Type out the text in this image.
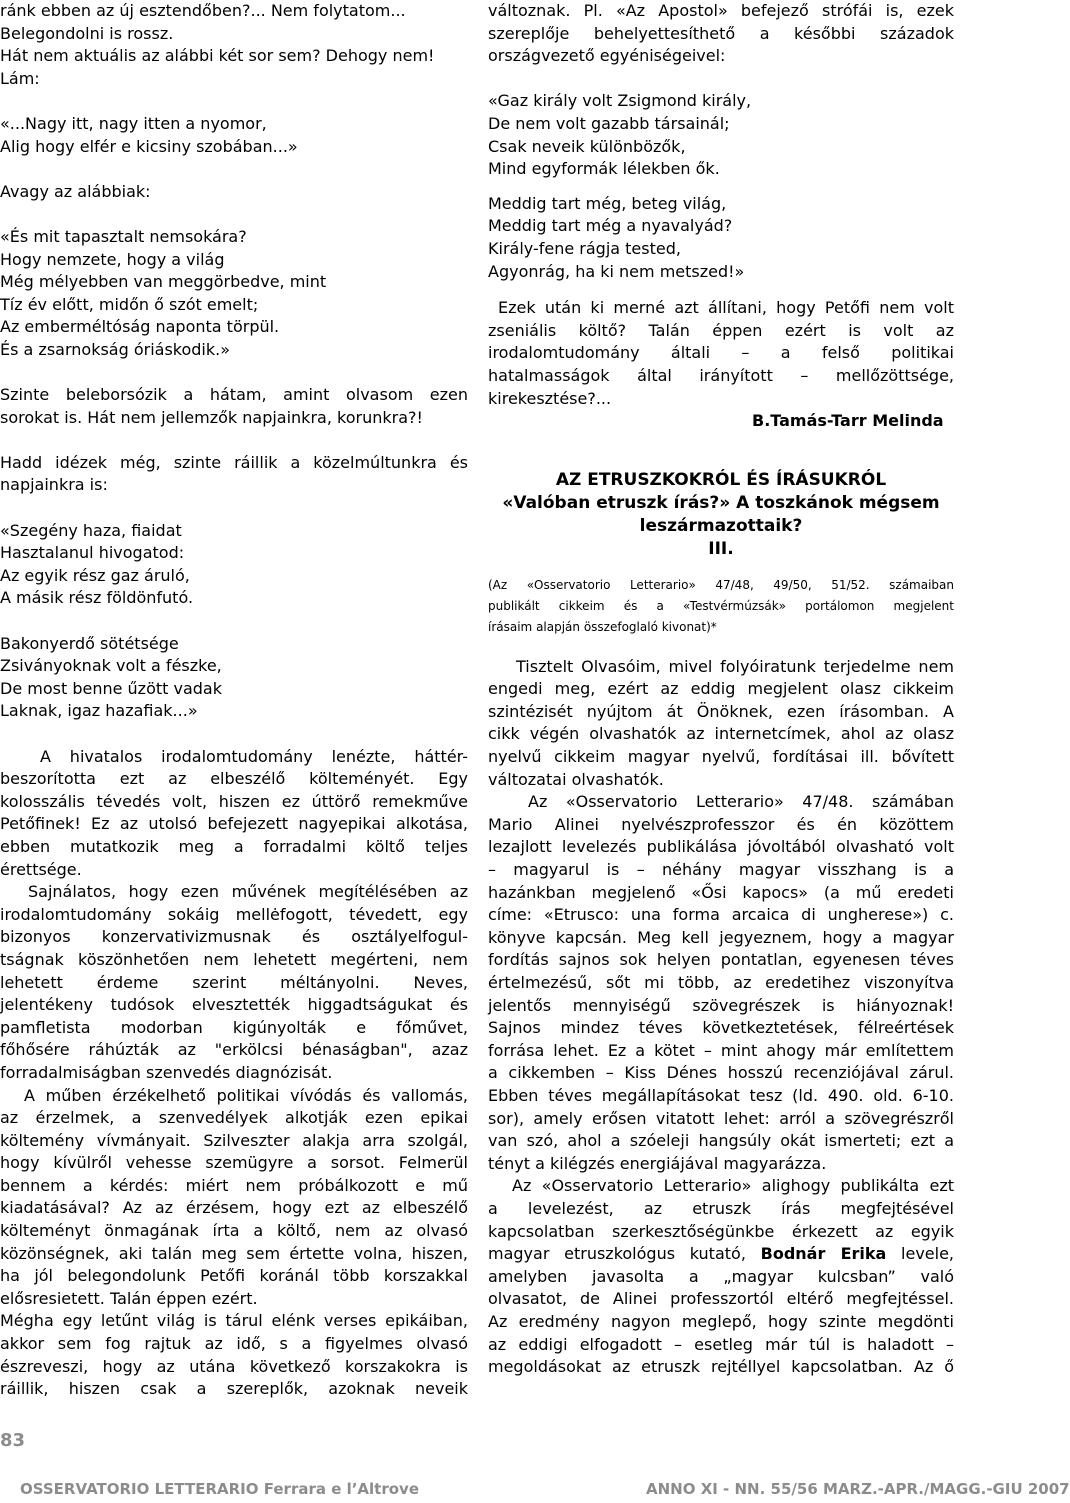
ránk ebben az új esztendőben?... Nem folytatom...
Belegondolni is rossz.
Hát nem aktuális az alábbi két sor sem? Dehogy nem!
Lám:
«...Nagy itt, nagy itten a nyomor,
Alig hogy elfér e kicsiny szobában...»
Avagy az alábbiak:
«És mit tapasztalt nemsokára?
Hogy nemzete, hogy a világ
Még mélyebben van meggörbedve, mint
Tíz év előtt, midőn ő szót emelt;
Az emberméltóság naponta törpül.
És a zsarnokság óriáskodik.»
Szinte beleborsózik a hátam, amint olvasom ezen
sorokat is. Hát nem jellemzők napjainkra, korunkra?!
Hadd idézek még, szinte ráillik a közelmúltunkra és
napjainkra is:
«Szegény haza, fiaidat
Hasztalanul hivogatod:
Az egyik rész gaz áruló,
A másik rész földönfutó.
Bakonyerdő sötétsége
Zsiványoknak volt a fészke,
De most benne űzött vadak
Laknak, igaz hazafiak...»
A hivatalos irodalomtudomány lenézte, háttér-
beszorította ezt az elbeszélő költeményét. Egy
kolosszális tévedés volt, hiszen ez úttörő remekműve
Petőfinek! Ez az utolsó befejezett nagyepikai alkotása,
ebben mutatkozik meg a forradalmi költő teljes
érettsége.
Sajnálatos, hogy ezen művének megítélésében az
irodalomtudomány sokáig mellėfogott, tévedett, egy
bizonyos konzervativizmusnak és osztályelfogul-
tságnak köszönhetően nem lehetett megérteni, nem
lehetett érdeme szerint méltányolni. Neves,
jelentékeny tudósok elvesztették higgadtságukat és
pamfletista modorban kigúnyolták e főművet,
főhősére ráhúzták az "erkölcsi bénaságban", azaz
forradalmiságban szenvedés diagnózisát.
A műben érzékelhető politikai vívódás és vallomás,
az érzelmek, a szenvedélyek alkotják ezen epikai
költemény vívmányait. Szilveszter alakja arra szolgál,
hogy kívülről vehesse szemügyre a sorsot. Felmerül
bennem a kérdés: miért nem próbálkozott e mű
kiadatásával? Az az érzésem, hogy ezt az elbeszélő
költeményt önmagának írta a költő, nem az olvasó
közönségnek, aki talán meg sem értette volna, hiszen,
ha jól belegondolunk Petőfi koránál több korszakkal
elősresietett. Talán éppen ezért.
Mégha egy letűnt világ is tárul elénk verses epikáiban,
akkor sem fog rajtuk az idő, s a figyelmes olvasó
észreveszi, hogy az utána következő korszakokra is
ráillik, hiszen csak a szereplők, azoknak neveik
változnak. Pl. «Az Apostol» befejező strófái is, ezek
szereplője behelyettesíthető a későbbi századok
országvezető egyéniségeivel:
«Gaz király volt Zsigmond király,
De nem volt gazabb társainál;
Csak neveik különbözők,
Mind egyformák lélekben ők.
Meddig tart még, beteg világ,
Meddig tart még a nyavalyád?
Király-fene rágja tested,
Agyonrág, ha ki nem metszed!»
Ezek után ki merné azt állítani, hogy Petőfi nem volt
zseniális költő? Talán éppen ezért is volt az
irodalomtudomány általi – a felső politikai
hatalmasságok által irányított – mellőzöttsége,
kirekesztése?...
B.Tamás-Tarr Melinda
AZ ETRUSZKOKRÓL ÉS ÍRÁSUKRÓL
«Valóban etruszk írás?» A toszkánok mégsem
leszármazottaik?
III.
(Az «Osservatorio Letterario» 47/48, 49/50, 51/52. számaiban
publikált cikkeim és a «Testvérmúzsák» portálomon megjelent
írásaim alapján összefoglaló kivonat)*
Tisztelt Olvasóim, mivel folyóiratunk terjedelme nem
engedi meg, ezért az eddig megjelent olasz cikkeim
szintézisét nyújtom át Önöknek, ezen írásomban. A
cikk végén olvashatók az internetcímek, ahol az olasz
nyelvű cikkeim magyar nyelvű, fordításai ill. bővített
változatai olvashatók.
Az «Osservatorio Letterario» 47/48. számában
Mario Alinei nyelvészprofesszor és én közöttem
lezajlott levelezés publikálása jóvoltából olvasható volt
– magyarul is – néhány magyar visszhang is a
hazánkban megjelenő «Ősi kapocs» (a mű eredeti
címe: «Etrusco: una forma arcaica di ungherese») c.
könyve kapcsán. Meg kell jegyeznem, hogy a magyar
fordítás sajnos sok helyen pontatlan, egyenesen téves
értelmezésű, sőt mi több, az eredetihez viszonyítva
jelentős mennyiségű szövegrészek is hiányoznak!
Sajnos mindez téves következtetések, félreértések
forrása lehet. Ez a kötet – mint ahogy már említettem
a cikkemben – Kiss Dénes hosszú recenziójával zárul.
Ebben téves megállapításokat tesz (ld. 490. old. 6-10.
sor), amely erősen vitatott lehet: arról a szövegrészről
van szó, ahol a szóeleji hangsúly okát ismerteti; ezt a
tényt a kilégzés energiájával magyarázza.
Az «Osservatorio Letterario» alighogy publikálta ezt
a levelezést, az etruszk írás megfejtésével
kapcsolatban szerkesztőségünkbe érkezett az egyik
magyar etruszkológus kutató, Bodnár Erika levele,
amelyben javasolta a „magyar kulcsban” való
olvasatot, de Alinei professzortól eltérő megfejtéssel.
Az eredmény nagyon meglepő, hogy szinte megdönti
az eddigi elfogadott – esetleg már túl is haladott –
megoldásokat az etruszk rejtéllyel kapcsolatban. Az ő
83
OSSERVATORIO LETTERARIO Ferrara e l’Altrove	ANNO XI - NN. 55/56 MARZ.-APR./MAGG.-GIU 2007
